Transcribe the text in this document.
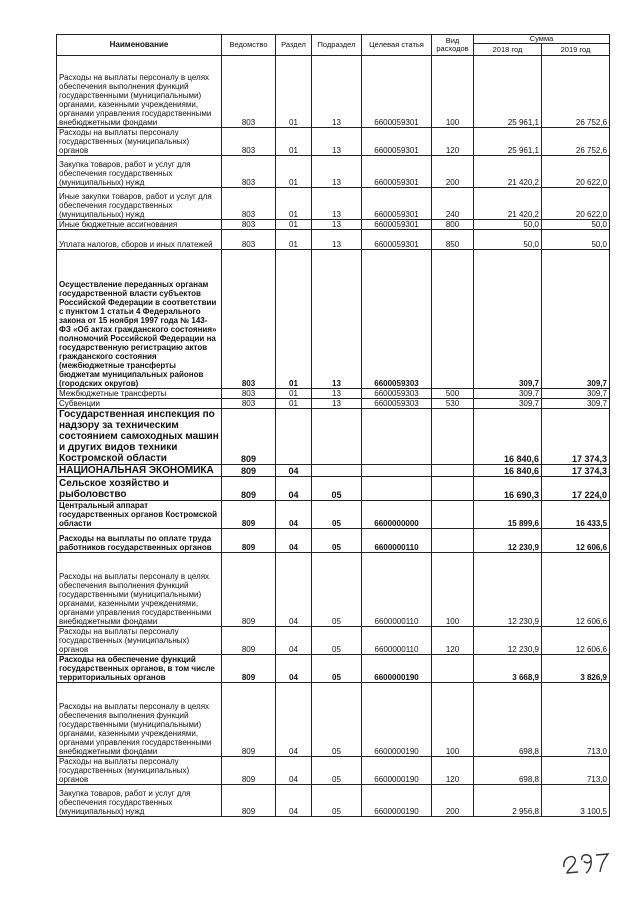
Наименование	Ведомство	Раздел	Подраздел	Целевая статья	Вид расходов	Сумма	
						2018 год	2019 год
Расходы на выплаты персоналу в целях обеспечения выполнения функций государственными (муниципальными) органами, казенными учреждениями, органами управления государственными внебюджетными фондами	803	01	13	6600059301	100	25 961,1	26 752,6
Расходы на выплаты персоналу государственных (муниципальных) органов	803	01	13	6600059301	120	25 961,1	26 752,6
Закупка товаров, работ и услуг для обеспечения государственных (муниципальных) нужд	803	01	13	6600059301	200	21 420,2	20 622,0
Иные закупки товаров, работ и услуг для обеспечения государственных (муниципальных) нужд	803	01	13	6600059301	240	21 420,2	20 622,0
Иные бюджетные ассигнования	803	01	13	6600059301	800	50,0	50,0
Уплата налогов, сборов и иных платежей	803	01	13	6600059301	850	50,0	50,0
Осуществление переданных органам государственной власти субъектов Российской Федерации в соответствии с пунктом 1 статьи 4 Федерального закона от 15 ноября 1997 года № 143-ФЗ «Об актах гражданского состояния» полномочий Российской Федерации на государственную регистрацию актов гражданского состояния (межбюджетные трансферты бюджетам муниципальных районов (городских округов)	803	01	13	6600059303		309,7	309,7
Межбюджетные трансферты	803	01	13	6600059303	500	309,7	309,7
Субвенции	803	01	13	6600059303	530	309,7	309,7
Государственная инспекция по надзору за техническим состоянием самоходных машин и других видов техники Костромской области	809					16 840,6	17 374,3
НАЦИОНАЛЬНАЯ ЭКОНОМИКА	809	04				16 840,6	17 374,3
Сельское хозяйство и рыболовство	809	04	05			16 690,3	17 224,0
Центральный аппарат государственных органов Костромской области	809	04	05	6600000000		15 899,6	16 433,5
Расходы на выплаты по оплате труда работников государственных органов	809	04	05	6600000110		12 230,9	12 606,6
Расходы на выплаты персоналу в целях обеспечения выполнения функций государственными (муниципальными) органами, казенными учреждениями, органами управления государственными внебюджетными фондами	809	04	05	6600000110	100	12 230,9	12 606,6
Расходы на выплаты персоналу государственных (муниципальных) органов	809	04	05	6600000110	120	12 230,9	12 606,6
Расходы на обеспечение функций государственных органов, в том числе территориальных органов	809	04	05	6600000190		3 668,9	3 826,9
Расходы на выплаты персоналу в целях обеспечения выполнения функций государственными (муниципальными) органами, казенными учреждениями, органами управления государственными внебюджетными фондами	809	04	05	6600000190	100	698,8	713,0
Расходы на выплаты персоналу государственных (муниципальных) органов	809	04	05	6600000190	120	698,8	713,0
Закупка товаров, работ и услуг для обеспечения государственных (муниципальных) нужд	809	04	05	6600000190	200	2 956,8	3 100,5
